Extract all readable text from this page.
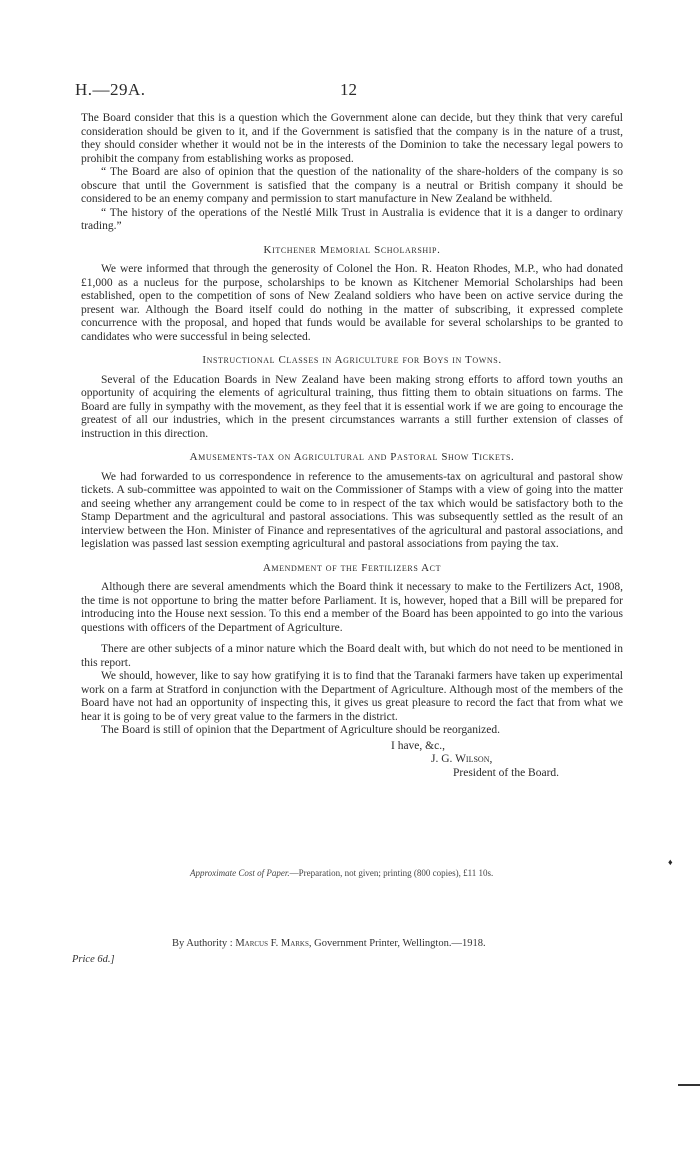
H.—29A.	12

The Board consider that this is a question which the Government alone can decide, but they think that very careful consideration should be given to it, and if the Government is satisfied that the company is in the nature of a trust, they should consider whether it would not be in the interests of the Dominion to take the necessary legal powers to prohibit the company from establishing works as proposed.

“ The Board are also of opinion that the question of the nationality of the share-holders of the company is so obscure that until the Government is satisfied that the company is a neutral or British company it should be considered to be an enemy company and permission to start manufacture in New Zealand be withheld.

“ The history of the operations of the Nestlé Milk Trust in Australia is evidence that it is a danger to ordinary trading.”

Kitchener Memorial Scholarship.

We were informed that through the generosity of Colonel the Hon. R. Heaton Rhodes, M.P., who had donated £1,000 as a nucleus for the purpose, scholarships to be known as Kitchener Memorial Scholarships had been established, open to the competition of sons of New Zealand soldiers who have been on active service during the present war. Although the Board itself could do nothing in the matter of subscribing, it expressed complete concurrence with the proposal, and hoped that funds would be available for several scholarships to be granted to candidates who were successful in being selected.

Instructional Classes in Agriculture for Boys in Towns.

Several of the Education Boards in New Zealand have been making strong efforts to afford town youths an opportunity of acquiring the elements of agricultural training, thus fitting them to obtain situations on farms. The Board are fully in sympathy with the movement, as they feel that it is essential work if we are going to encourage the greatest of all our industries, which in the present circumstances warrants a still further extension of classes of instruction in this direction.

Amusements-tax on Agricultural and Pastoral Show Tickets.

We had forwarded to us correspondence in reference to the amusements-tax on agricultural and pastoral show tickets. A sub-committee was appointed to wait on the Commissioner of Stamps with a view of going into the matter and seeing whether any arrangement could be come to in respect of the tax which would be satisfactory both to the Stamp Department and the agricultural and pastoral associations. This was subsequently settled as the result of an interview between the Hon. Minister of Finance and representatives of the agricultural and pastoral associations, and legislation was passed last session exempting agricultural and pastoral associations from paying the tax.

Amendment of the Fertilizers Act

Although there are several amendments which the Board think it necessary to make to the Fertilizers Act, 1908, the time is not opportune to bring the matter before Parliament. It is, however, hoped that a Bill will be prepared for introducing into the House next session. To this end a member of the Board has been appointed to go into the various questions with officers of the Department of Agriculture.

There are other subjects of a minor nature which the Board dealt with, but which do not need to be mentioned in this report.

We should, however, like to say how gratifying it is to find that the Taranaki farmers have taken up experimental work on a farm at Stratford in conjunction with the Department of Agriculture. Although most of the members of the Board have not had an opportunity of inspecting this, it gives us great pleasure to record the fact that from what we hear it is going to be of very great value to the farmers in the district.

The Board is still of opinion that the Department of Agriculture should be reorganized.

I have, &c.,
J. G. Wilson,
President of the Board.
Approximate Cost of Paper.—Preparation, not given; printing (800 copies), £11 10s.
By Authority : Marcus F. Marks, Government Printer, Wellington.—1918.
Price 6d.]
♦
